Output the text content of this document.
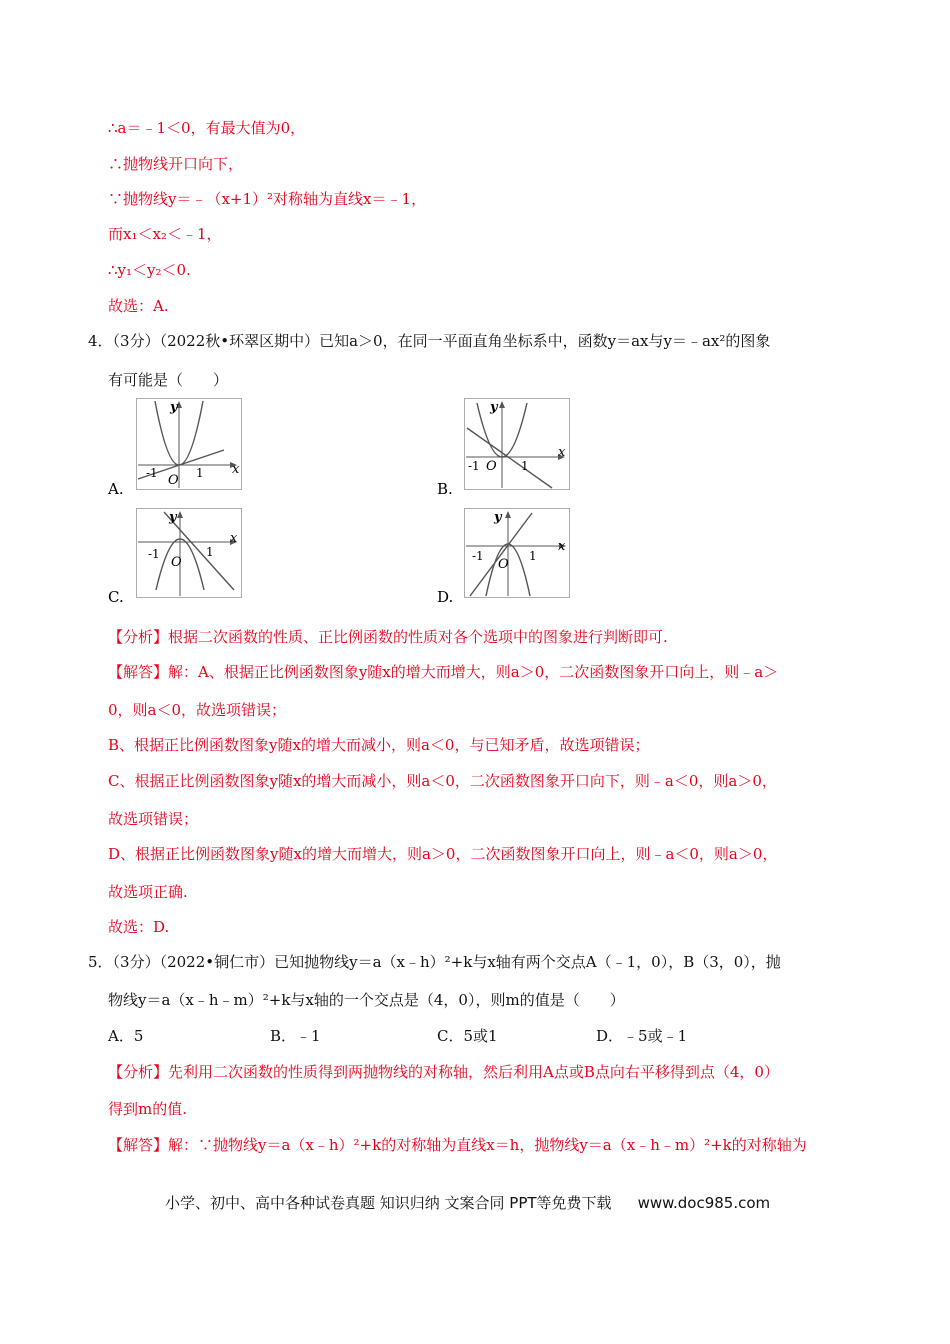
∴a＝﹣1＜0，有最大值为0，
∴抛物线开口向下，
∵抛物线y＝﹣（x+1）²对称轴为直线x＝﹣1，
而x₁＜x₂＜﹣1，
∴y₁＜y₂＜0.
故选：A.
4．（3分）（2022秋•环翠区期中）已知a＞0，在同一平面直角坐标系中，函数y＝ax与y＝﹣ax²的图象
有可能是（　　）
y
x
O
-1	1
A.
y
x
O
-1	1
B.
y
x
O
-1	1
C.
y
x
O
-1	1
D.
【分析】根据二次函数的性质、正比例函数的性质对各个选项中的图象进行判断即可.
【解答】解：A、根据正比例函数图象y随x的增大而增大，则a＞0，二次函数图象开口向上，则﹣a＞
0，则a＜0，故选项错误；
B、根据正比例函数图象y随x的增大而减小，则a＜0，与已知矛盾，故选项错误；
C、根据正比例函数图象y随x的增大而减小，则a＜0，二次函数图象开口向下，则﹣a＜0，则a＞0，
故选项错误；
D、根据正比例函数图象y随x的增大而增大，则a＞0，二次函数图象开口向上，则﹣a＜0，则a＞0，
故选项正确.
故选：D.
5．（3分）（2022•铜仁市）已知抛物线y＝a（x﹣h）²+k与x轴有两个交点A（﹣1，0），B（3，0），抛
物线y＝a（x﹣h﹣m）²+k与x轴的一个交点是（4，0），则m的值是（　　）
A．5	B．﹣1	C．5或1	D．﹣5或﹣1
【分析】先利用二次函数的性质得到两抛物线的对称轴，然后利用A点或B点向右平移得到点（4，0）
得到m的值.
【解答】解：∵抛物线y＝a（x﹣h）²+k的对称轴为直线x＝h，抛物线y＝a（x﹣h﹣m）²+k的对称轴为
小学、初中、高中各种试卷真题 知识归纳 文案合同 PPT等免费下载 www.doc985.com
